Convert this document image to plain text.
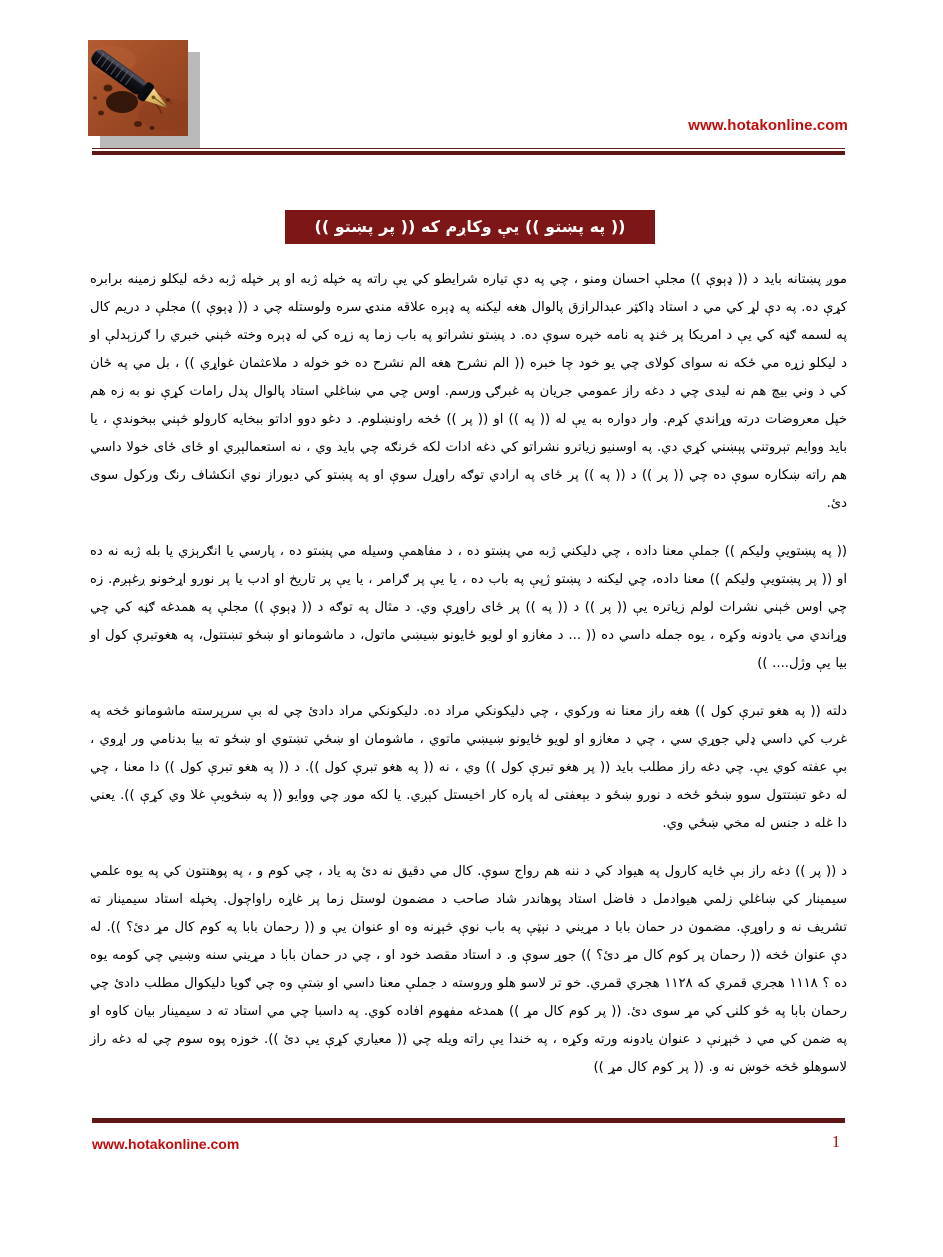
www.hotakonline.com
(( په پښتو )) یې وکاږم که (( پر پښتو ))

موږ پښتانه باید د (( ډېوې )) مجلې احسان ومنو ، چي په دې تیاره شرایطو کي یې راته په خپله ژبه او پر خپله ژبه دځه لیکلو زمینه برابره کړې ده. په دې لړ کي مي د استاد ډاکټر عبدالرازق پالوال هغه لیکنه په ډېره علاقه مندۍ سره ولوستله چي د (( ډېوې )) مجلې د دریم کال په لسمه ګڼه کي یې د امریکا پر څنډ په نامه خپره سوې ده. د پښتو نشراتو په باب زما په زړه کي له ډېره وخته څېني خبري را ګرزېدلې او د لیکلو زړه مي ځکه نه سوای کولای چي یو خود چا خبره (( الم نشرح هغه الم نشرح ده خو خوله د ملاعثمان غواړي )) ، بل مي په ځان کي د وني بیچ هم نه لیدی چي د دغه راز عمومي جریان په غبرګۍ ورسم. اوس چي مي ښاغلي استاد پالوال پدل رامات کړې نو به زه هم خپل معروضات درته وړاندي کړم. وار دواره به یې له (( په )) او (( پر )) ځخه راونښلوم. د دغو دوو اداتو ببخایه کارولو څېني ببخوندې ، یا باید ووایم تېروتني پېښني کړي دي. په اوسنیو زیاترو نشراتو کي دغه ادات لکه څرنګه چي باید وي ، نه استعمالېږي او ځای ځای خولا داسي هم راته ښکاره سوې ده چي (( پر )) د (( په )) پر ځای په ارادي توګه راوړل سوې او په پښتو کي دیوراز نوي انکشاف رنګ ورکول سوی دئ.

(( په پښتویې ولیکم )) جملې معنا داده ، چي دلیکني ژبه مي پښتو ده ، د مفاهمې وسیله مي پښتو ده ، پارسي یا انګرېزي یا بله ژبه نه ده او (( پر پښتویې ولیکم )) معنا داده، چي لیکنه د پښتو ژپې په باب ده ، یا یې پر ګرامر ، یا یې پر تاریخ او ادب یا پر نورو اړخونو ږغېږم. زه چي اوس څېني نشرات لولم زیاتره یې (( پر )) د (( په )) پر ځای راوړې وي. د مثال په توګه د (( ډېوې )) مجلې په همدغه ګڼه کي چي وړاندي مي یادونه وکړه ، یوه جمله داسي ده (( ... د مغازو او لویو ځایونو ښیښي ماتول، د ماشومانو او ښځو تښتتول، په هغوتبرې کول او بیا یې وژل.... ))

دلته (( په هغو تبرې کول )) هغه راز معنا نه ورکوي ، چي دلیکونکي مراد ده. دلیکونکي مراد دادئ چي له بې سرپرسته ماشومانو ځخه په غرب کي داسي ډلي جوړي سي ، چي د مغازو او لویو ځایونو ښیښي ماتوي ، ماشومان او ښځي تښتوي او ښځو ته بیا بدنامي ور اړوي ، بې عفته کوي یې. چي دغه راز مطلب باید (( پر هغو تبرې کول )) وي ، نه (( په هغو تبرې کول )). د (( په هغو تبرې کول )) دا معنا ، چي له دغو تښتتول سوو ښځو ځخه د نورو ښځو د بېعفتی له پاره کار اخیستل کېږي. یا لکه موږ چي ووایو (( په ښځویې غلا وي کړې )). یعني دا غله د جنس له مخي ښځي وي.

د (( پر )) دغه راز بې ځایه کارول په هیواد کي د ننه هم رواج سوې. کال مي دقیق نه دئ په یاد ، چي کوم و ، په پوهنتون کي په یوه علمي سیمینار کي ښاغلي زلمي هیوادمل د فاضل استاد پوهاندر شاد صاحب د مضمون لوستل زما پر غاړه راواچول. پخپله استاد سیمینار ته تشریف نه و راوړې. مضمون در حمان بابا د مړیني د نېټې په باب نوې څېړنه وه او عنوان یې و (( رحمان بابا په کوم کال مړ دئ؟ )). له دې عنوان ځخه (( رحمان پر کوم کال مړ دئ؟ )) جوړ سوې و. د استاد مقصد خود او ، چي در حمان بابا د مړیني سنه وښیي چي کومه یوه ده ؟ ۱۱۱۸ هجري قمري که ۱۱۲۸ هجري قمري. خو تر لاسو هلو وروسته د جملې معنا داسي او ښتې وه چي ګویا دلیکوال مطلب دادئ چي رحمان بابا په ځو کلنۍ کي مړ سوی دئ. (( پر کوم کال مړ )) همدغه مفهوم افاده کوي. په داسبا چي مي استاد ته د سیمینار بیان کاوه او په ضمن کي مي د څېړنې د عنوان یادونه ورته وکړه ، په خندا یې راته ویله چي (( معیاري کړې یې دئ )). خوزه پوه سوم چي له دغه راز لاسوهلو ځخه خوښ نه و. (( پر کوم کال مړ ))

www.hotakonline.com	1
